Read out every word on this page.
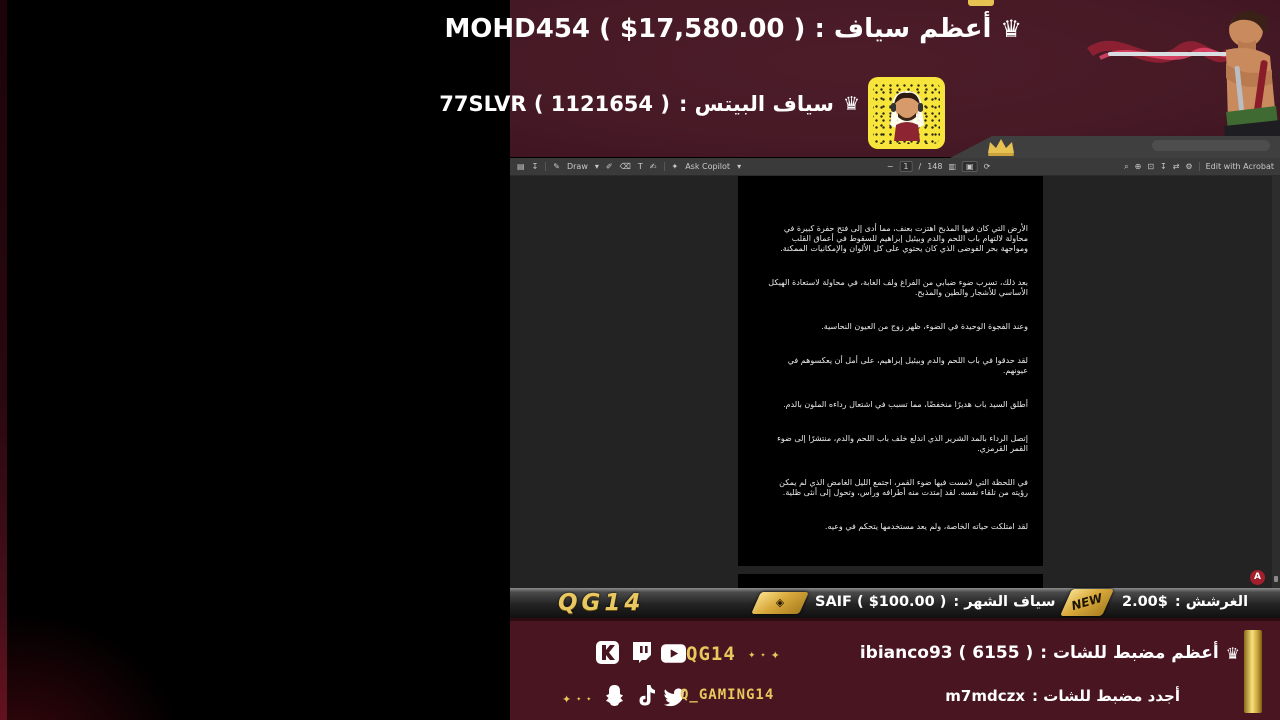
MOHD454 ( $17,580.00 ) أعظم سياف : ♛
77SLVR ( 1121654 ) سياف البيتس : ♛
▤ ↧ ✎ Draw ▾ ✐ ⌫ T ✍ ✦ Ask Copilot ▾	−	1	/ 148 ▥	▣	⟳	⌕ ⊕ ⊡ ↧ ⇄ ⚙ Edit with Acrobat

الأرض التي كان فيها المذبح اهتزت بعنف، مما أدى إلى فتح حفرة كبيرة في محاولة لالتهام باب اللحم والدم وبيئيل إبراهيم للسقوط في أعماق القلب ومواجهة بحر الفوضى الذي كان يحتوي على كل الألوان والإمكانيات الممكنة.

بعد ذلك، تسرب ضوء ضبابي من الفراغ ولف الغابة، في محاولة لاستعادة الهيكل الأساسي للأشجار والطين والمذبح.

وعند الفجوة الوحيدة في الضوء، ظهر زوج من العيون النحاسية.

لقد حدقوا في باب اللحم والدم وبيئيل إبراهيم، على أمل أن يعكسوهم في عيونهم.

أطلق السيد باب هديرًا منخفضًا، مما تسبب في اشتعال رداءه الملون بالدم.

إتصل الرداء بالمد الشرير الذي اندلع خلف باب اللحم والدم، منتشرًا إلى ضوء القمر القرمزي.

في اللحظة التي لامست فيها ضوء القمر، اجتمع الليل الغامض الذي لم يمكن رؤيته من تلقاء نفسه. لقد إمتدت منه أطرافه ورأس، وتحول إلى أنثى ظلية.

لقد امتلكت حياته الخاصة، ولم يعد مستخدمها يتحكم في وعيه.

A
QG14	◈	SAIF ( $100.00 ) سياف الشهر :	NEW	2.00$ الغرشش :
QG14 ✦ ✦ ✦	ibianco93 ( 6155 ) أعظم مضبط للشات : ♛
✦ ✦ ✦	Q_GAMING14	m7mdczx أجدد مضبط للشات :
